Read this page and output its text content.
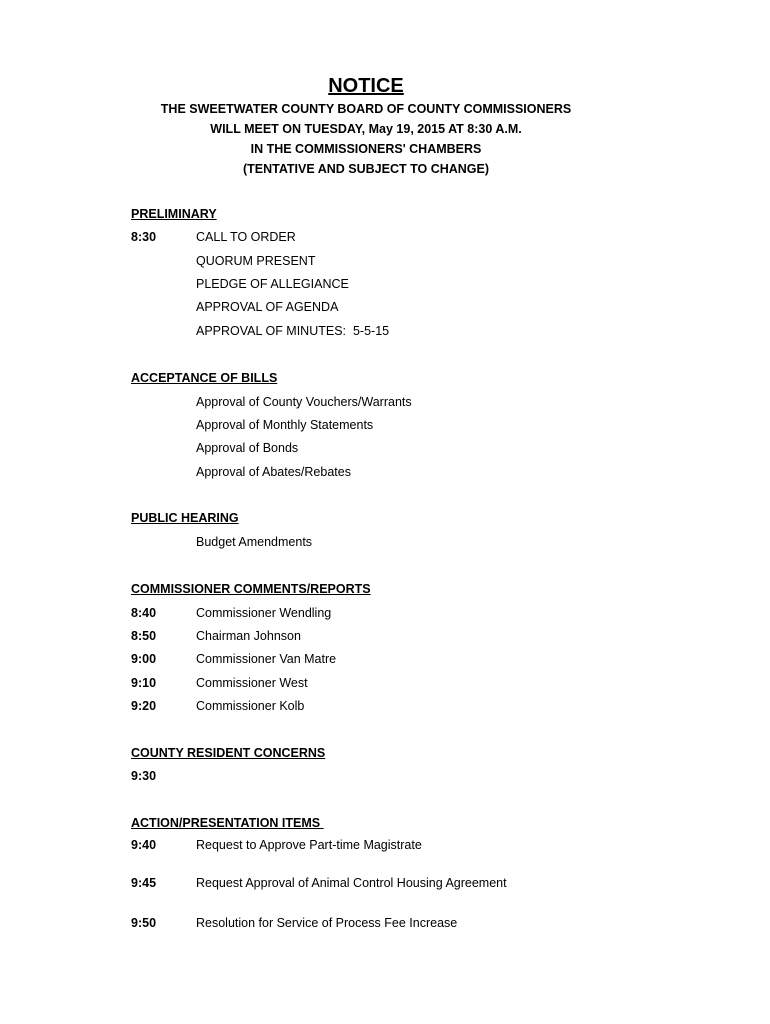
NOTICE
THE SWEETWATER COUNTY BOARD OF COUNTY COMMISSIONERS
WILL MEET ON TUESDAY, May 19, 2015 AT 8:30 A.M.
IN THE COMMISSIONERS' CHAMBERS
(TENTATIVE AND SUBJECT TO CHANGE)
PRELIMINARY
8:30	CALL TO ORDER
QUORUM PRESENT
PLEDGE OF ALLEGIANCE
APPROVAL OF AGENDA
APPROVAL OF MINUTES:  5-5-15
ACCEPTANCE OF BILLS
Approval of County Vouchers/Warrants
Approval of Monthly Statements
Approval of Bonds
Approval of Abates/Rebates
PUBLIC HEARING
Budget Amendments
COMMISSIONER COMMENTS/REPORTS
8:40	Commissioner Wendling
8:50	Chairman Johnson
9:00	Commissioner Van Matre
9:10	Commissioner West
9:20	Commissioner Kolb
COUNTY RESIDENT CONCERNS
9:30
ACTION/PRESENTATION ITEMS
9:40	Request to Approve Part-time Magistrate
9:45	Request Approval of Animal Control Housing Agreement
9:50	Resolution for Service of Process Fee Increase
